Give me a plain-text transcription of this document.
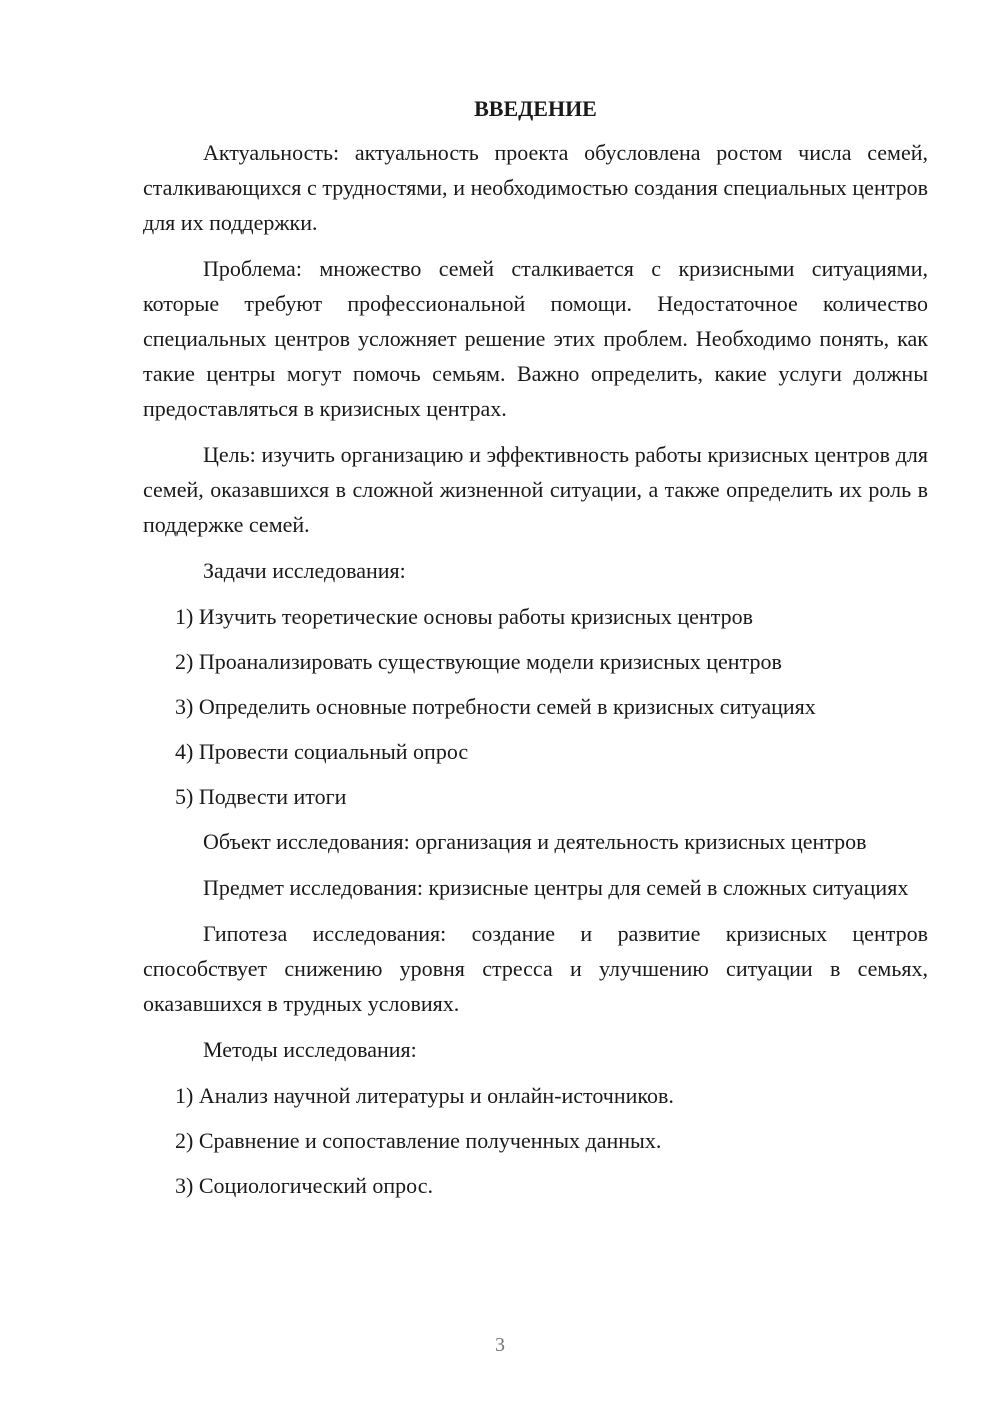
ВВЕДЕНИЕ

Актуальность: актуальность проекта обусловлена ростом числа семей, сталкивающихся с трудностями, и необходимостью создания специальных центров для их поддержки.

Проблема: множество семей сталкивается с кризисными ситуациями, которые требуют профессиональной помощи. Недостаточное количество специальных центров усложняет решение этих проблем. Необходимо понять, как такие центры могут помочь семьям. Важно определить, какие услуги должны предоставляться в кризисных центрах.

Цель: изучить организацию и эффективность работы кризисных центров для семей, оказавшихся в сложной жизненной ситуации, а также определить их роль в поддержке семей.

Задачи исследования:

1) Изучить теоретические основы работы кризисных центров
2) Проанализировать существующие модели кризисных центров
3) Определить основные потребности семей в кризисных ситуациях
4) Провести социальный опрос
5) Подвести итоги

Объект исследования: организация и деятельность кризисных центров

Предмет исследования: кризисные центры для семей в сложных ситуациях

Гипотеза исследования: создание и развитие кризисных центров способствует снижению уровня стресса и улучшению ситуации в семьях, оказавшихся в трудных условиях.

Методы исследования:

1) Анализ научной литературы и онлайн-источников.
2) Сравнение и сопоставление полученных данных.
3) Социологический опрос.
3
